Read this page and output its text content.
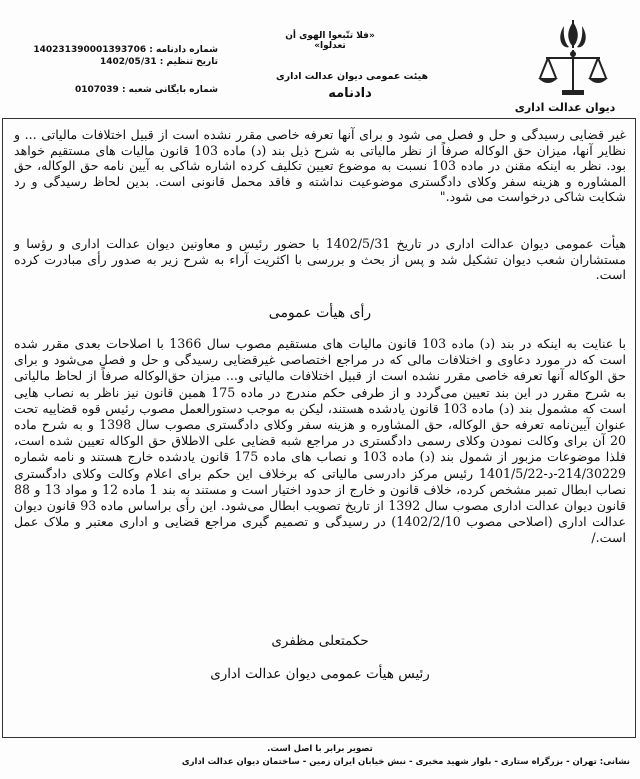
دیوان عدالت اداری
«فلا تتّبعوا الهوی أن تعدلوا»
هیئت عمومی دیوان عدالت اداری
دادنامه
شماره دادنامه : 140231390001393706
تاریخ تنظیم : 1402/05/31
شماره بایگانی شعبه : 0107039
غیر قضایی رسیدگی و حل و فصل می شود و برای آنها تعرفه خاصی مقرر نشده است از قبیل اختلافات مالیاتی ... و نظایر آنها، میزان حق الوکاله صرفاً از نظر مالیاتی به شرح ذیل بند (د) ماده 103 قانون مالیات های مستقیم خواهد بود. نظر به اینکه مقنن در ماده 103 نسبت به موضوع تعیین تکلیف کرده اشاره شاکی به آیین نامه حق الوکاله، حق المشاوره و هزینه سفر وکلای دادگستری موضوعیت نداشته و فاقد محمل قانونی است. بدین لحاظ رسیدگی و رد شکایت شاکی درخواست می شود."
هیأت عمومی دیوان عدالت اداری در تاریخ 1402/5/31 با حضور رئیس و معاونین دیوان عدالت اداری و رؤسا و مستشاران شعب دیوان تشکیل شد و پس از بحث و بررسی با اکثریت آراء به شرح زیر به صدور رأی مبادرت کرده است.
رأی هیأت عمومی
با عنایت به اینکه در بند (د) ماده 103 قانون مالیات های مستقیم مصوب سال 1366 با اصلاحات بعدی مقرر شده است که در مورد دعاوی و اختلافات مالی که در مراجع اختصاصی غیرقضایی رسیدگی و حل و فصل می‌شود و برای حق الوکاله آنها تعرفه خاصی مقرر نشده است از قبیل اختلافات مالیاتی و... میزان حق‌الوکاله صرفاً از لحاظ مالیاتی به شرح مقرر در این بند تعیین می‌گردد و از طرفی حکم مندرج در ماده 175 همین قانون نیز ناظر به نصاب هایی است که مشمول بند (د) ماده 103 قانون یادشده هستند، لیکن به موجب دستورالعمل مصوب رئیس قوه قضاییه تحت عنوان آیین‌نامه تعرفه حق الوکاله، حق المشاوره و هزینه سفر وکلای دادگستری مصوب سال 1398 و به شرح ماده 20 آن برای وکالت نمودن وکلای رسمی دادگستری در مراجع شبه قضایی علی الاطلاق حق الوکاله تعیین شده است، فلذا موضوعات مزبور از شمول بند (د) ماده 103 و نصاب های ماده 175 قانون یادشده خارج هستند و نامه شماره 214/30229-د-1401/5/22 رئیس مرکز دادرسی مالیاتی که برخلاف این حکم برای اعلام وکالت وکلای دادگستری نصاب ابطال تمبر مشخص کرده، خلاف قانون و خارج از حدود اختیار است و مستند به بند 1 ماده 12 و مواد 13 و 88 قانون دیوان عدالت اداری مصوب سال 1392 از تاریخ تصویب ابطال می‌شود. این رأی براساس ماده 93 قانون دیوان عدالت اداری (اصلاحی مصوب 1402/2/10) در رسیدگی و تصمیم گیری مراجع قضایی و اداری معتبر و ملاک عمل است./
حکمتعلی مظفری
رئیس هیأت عمومی دیوان عدالت اداری
تصویر برابر با اصل است.
نشانی: تهران - بزرگراه ستاری - بلوار شهید مخبری - نبش خیابان ایران زمین - ساختمان دیوان عدالت اداری
